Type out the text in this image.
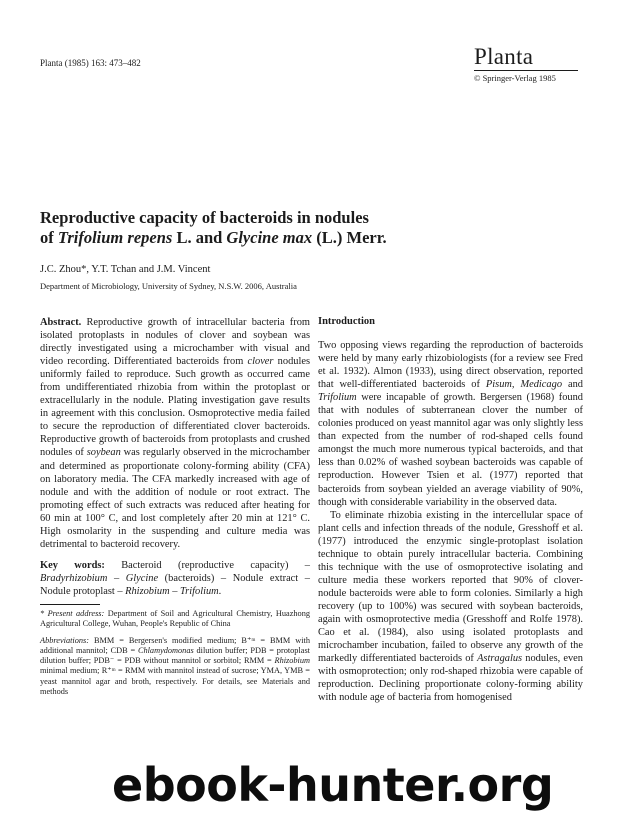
Planta (1985) 163: 473–482	Planta
© Springer-Verlag 1985
Reproductive capacity of bacteroids in nodules
of Trifolium repens L. and Glycine max (L.) Merr.
J.C. Zhou*, Y.T. Tchan and J.M. Vincent
Department of Microbiology, University of Sydney, N.S.W. 2006, Australia

Abstract. Reproductive growth of intracellular bacteria from isolated protoplasts in nodules of clover and soybean was directly investigated using a microchamber with visual and video recording. Differentiated bacteroids from clover nodules uniformly failed to reproduce. Such growth as occurred came from undifferentiated rhizobia from within the protoplast or extracellularly in the nodule. Plating investigation gave results in agreement with this conclusion. Osmoprotective media failed to secure the reproduction of differentiated clover bacteroids. Reproductive growth of bacteroids from protoplasts and crushed nodules of soybean was regularly observed in the microchamber and determined as proportionate colony-forming ability (CFA) on laboratory media. The CFA markedly increased with age of nodule and with the addition of nodule or root extract. The promoting effect of such extracts was reduced after heating for 60 min at 100° C, and lost completely after 20 min at 121° C. High osmolarity in the suspending and culture media was detrimental to bacteroid recovery.

Key words: Bacteroid (reproductive capacity) – Bradyrhizobium – Glycine (bacteroids) – Nodule extract – Nodule protoplast – Rhizobium – Trifolium.

* Present address: Department of Soil and Agricultural Chemistry, Huazhong Agricultural College, Wuhan, People's Republic of China

Abbreviations: BMM = Bergersen's modified medium; B⁺ᵐ = BMM with additional mannitol; CDB = Chlamydomonas dilution buffer; PDB = protoplast dilution buffer; PDB⁻ = PDB without mannitol or sorbitol; RMM = Rhizobium minimal medium; R⁺ᵐ = RMM with mannitol instead of sucrose; YMA, YMB = yeast mannitol agar and broth, respectively. For details, see Materials and methods

Introduction

Two opposing views regarding the reproduction of bacteroids were held by many early rhizobiologists (for a review see Fred et al. 1932). Almon (1933), using direct observation, reported that well-differentiated bacteroids of Pisum, Medicago and Trifolium were incapable of growth. Bergersen (1968) found that with nodules of subterranean clover the number of colonies produced on yeast mannitol agar was only slightly less than expected from the number of rod-shaped cells found amongst the much more numerous typical bacteroids, and that less than 0.02% of washed soybean bacteroids was capable of reproduction. However Tsien et al. (1977) reported that bacteroids from soybean yielded an average viability of 90%, though with considerable variability in the observed data.

To eliminate rhizobia existing in the intercellular space of plant cells and infection threads of the nodule, Gresshoff et al. (1977) introduced the enzymic single-protoplast isolation technique to obtain purely intracellular bacteria. Combining this technique with the use of osmoprotective isolating and culture media these workers reported that 90% of clover-nodule bacteroids were able to form colonies. Similarly a high recovery (up to 100%) was secured with soybean bacteroids, again with osmoprotective media (Gresshoff and Rolfe 1978). Cao et al. (1984), also using isolated protoplasts and microchamber incubation, failed to observe any growth of the markedly differentiated bacteroids of Astragalus nodules, even with osmoprotection; only rod-shaped rhizobia were capable of reproduction. Declining proportionate colony-forming ability with nodule age of bacteria from homogenised

ebook-hunter.org
